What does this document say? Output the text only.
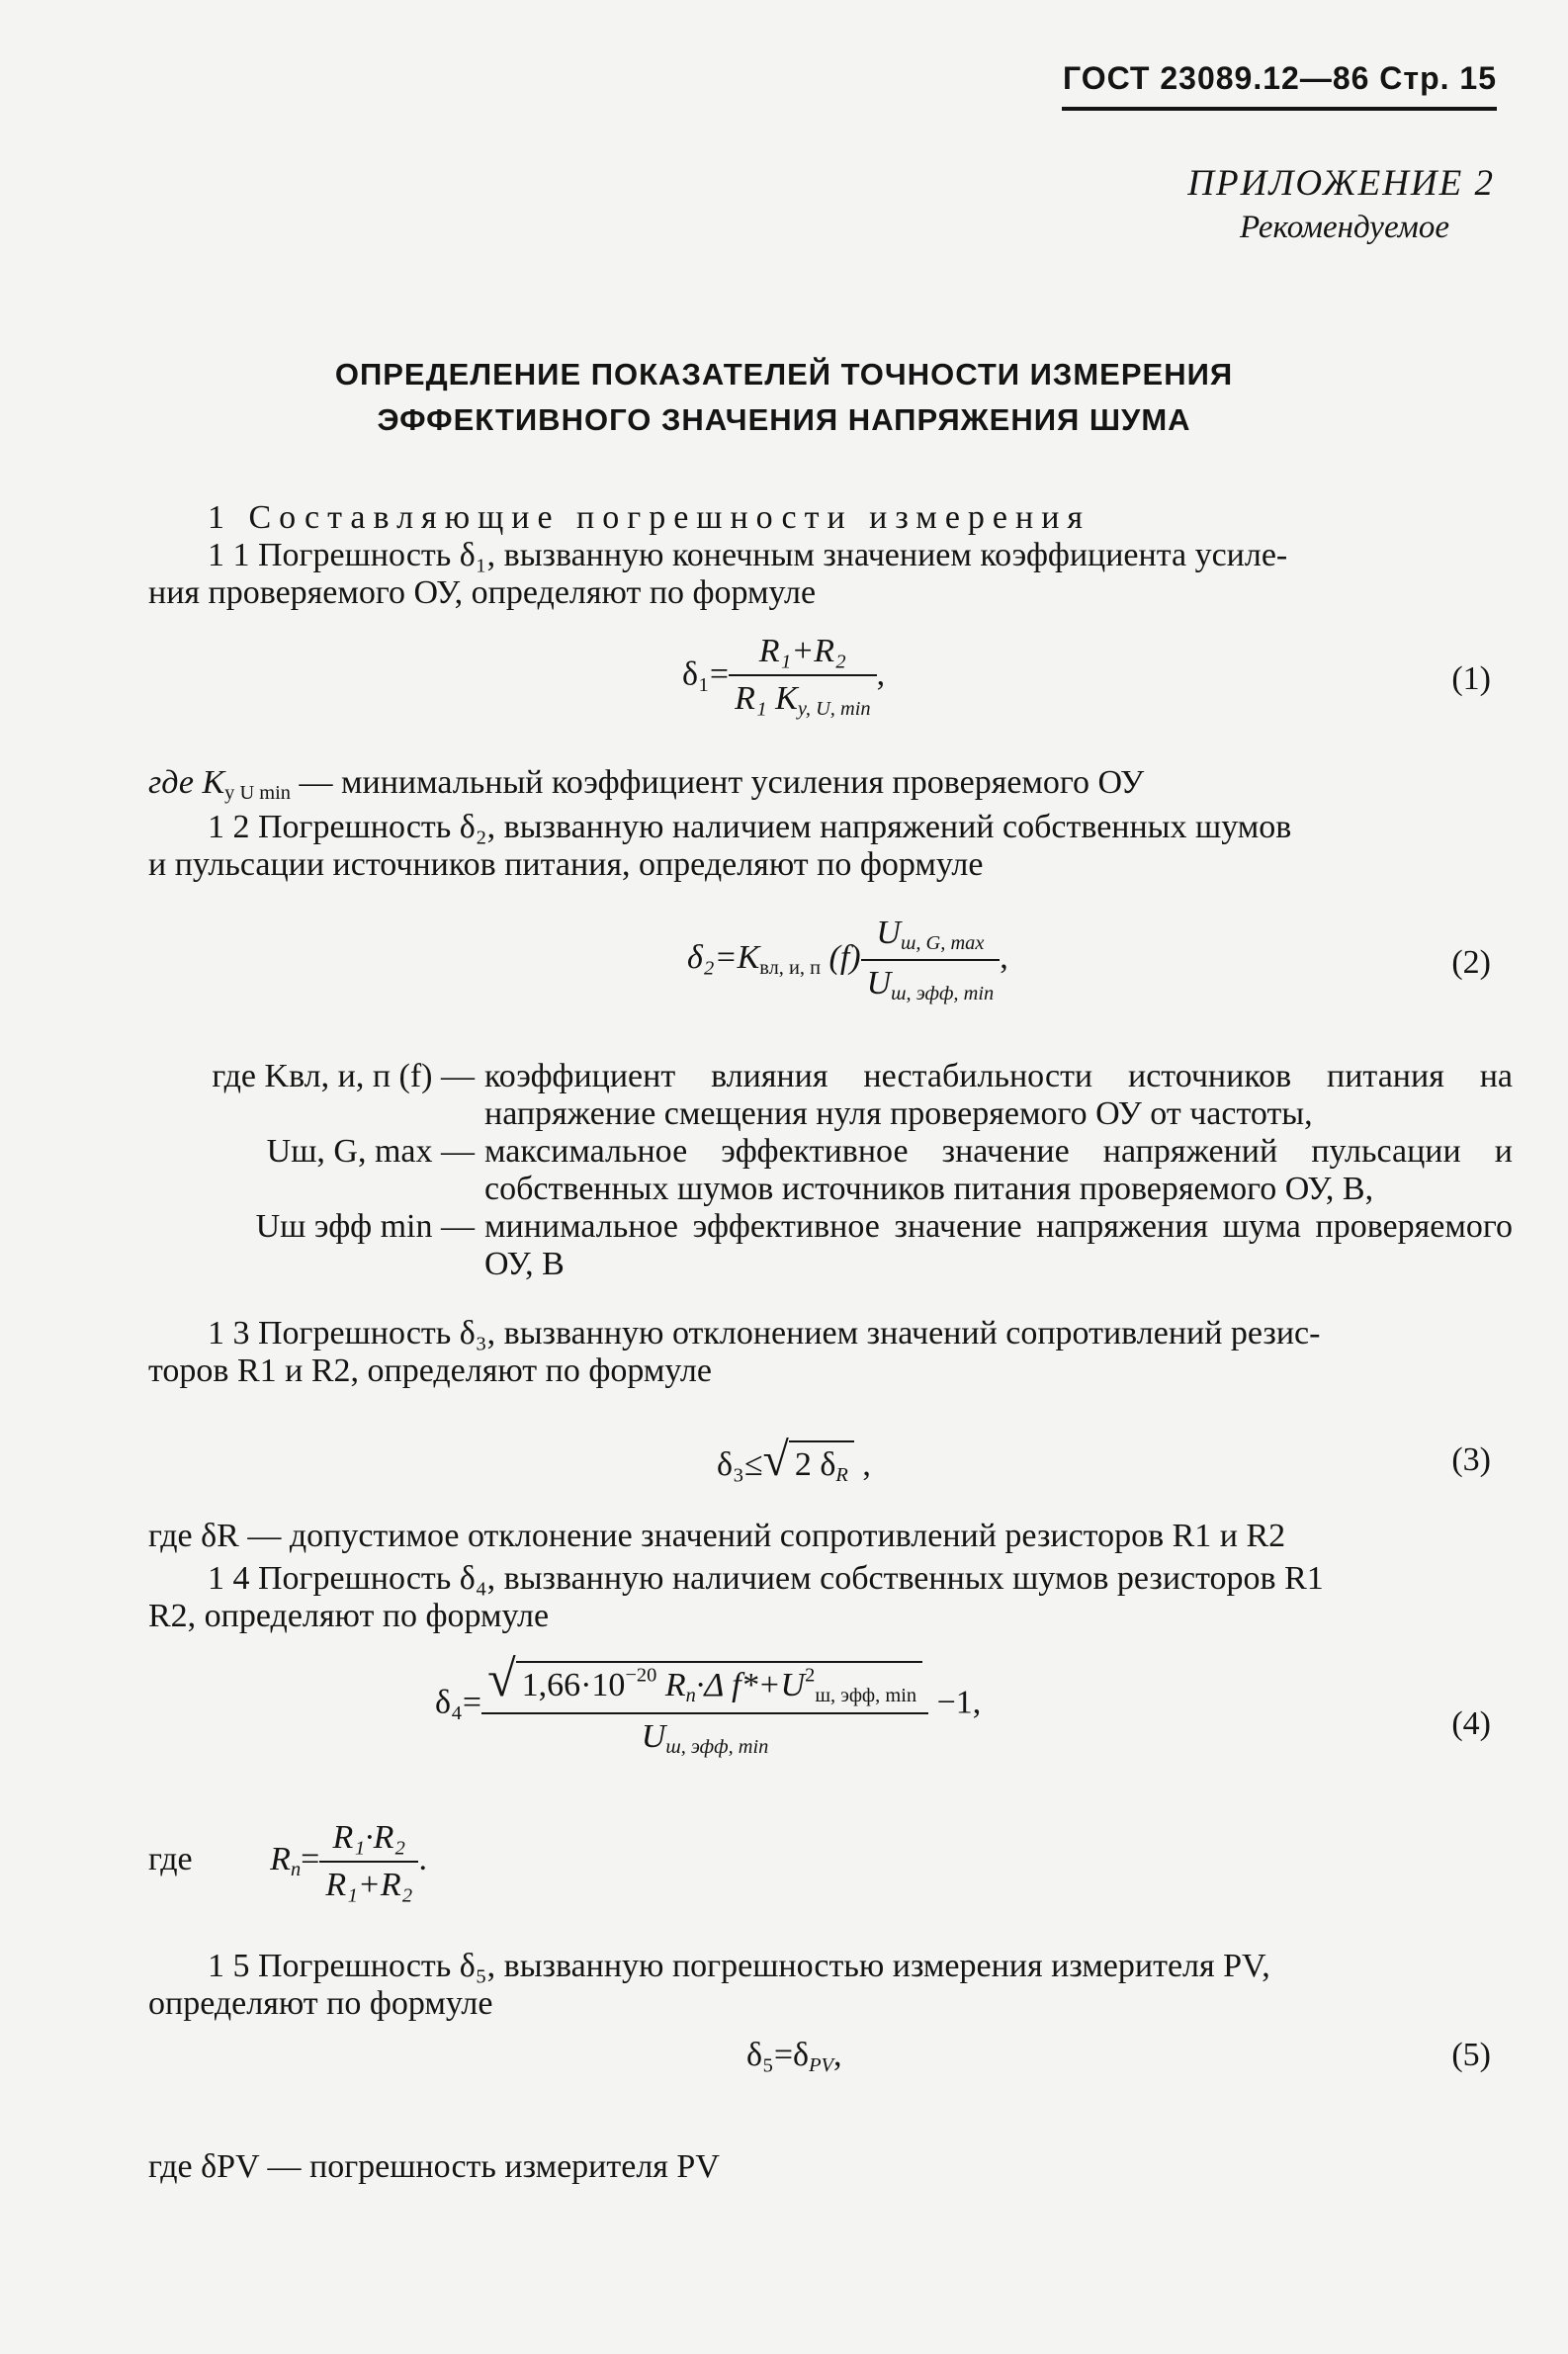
ГОСТ 23089.12—86 Стр. 15
ПРИЛОЖЕНИЕ 2
Рекомендуемое
ОПРЕДЕЛЕНИЕ ПОКАЗАТЕЛЕЙ ТОЧНОСТИ ИЗМЕРЕНИЯ
ЭФФЕКТИВНОГО ЗНАЧЕНИЯ НАПРЯЖЕНИЯ ШУМА
1 Составляющие погрешности измерения
1 1 Погрешность δ₁, вызванную конечным значением коэффициента усиле-
ния проверяемого ОУ, определяют по формуле
$\delta_1= \frac{\text{R₁+R₂}}{R_1 K_{у, U, min}}$ ,	(1)
где $K_{у U min}$ — минимальный коэффициент усиления проверяемого ОУ
1 2 Погрешность δ₂, вызванную наличием напряжений собственных шумов
и пульсации источников питания, определяют по формуле
$\delta_2=K_{вл, и, п}$ $(f) \frac{U_{ш, G, max}}{U_{ш, эфф, min}}$ ,	(2)
где Kвл, и, п (f) — коэффициент влияния нестабильности источников питания на напряжение смещения нуля проверяемого ОУ от частоты,
Uш, G, max — максимальное эффективное значение напряжений пульсации и собственных шумов источников питания проверяемого ОУ, В,
Uш эфф min — минимальное эффективное значение напряжения шума проверяемого ОУ, В
1 3 Погрешность δ₃, вызванную отклонением значений сопротивлений резис-
торов R1 и R2, определяют по формуле
δ₃≤√ 2 $\delta_R$ ,	(3)
где δR — допустимое отклонение значений сопротивлений резисторов R1 и R2
1 4 Погрешность δ₄, вызванную наличием собственных шумов резисторов R1
R2, определяют по формуле
$\delta_4= \frac{√ 1,66\cdot 10^{-20} R_n\cdot\Delta f*+U^2_{ш, эфф, min}}{U_{ш, эфф, min}} -1$,
(4)
где $R_n= \frac{\text{R₁·R₂}}{\text{R₁+R₂}}$ .
1 5 Погрешность δ₅, вызванную погрешностью измерения измерителя PV,
определяют по формуле
$\delta_5=\delta_{PV}$,	(5)
где δPV — погрешность измерителя PV
